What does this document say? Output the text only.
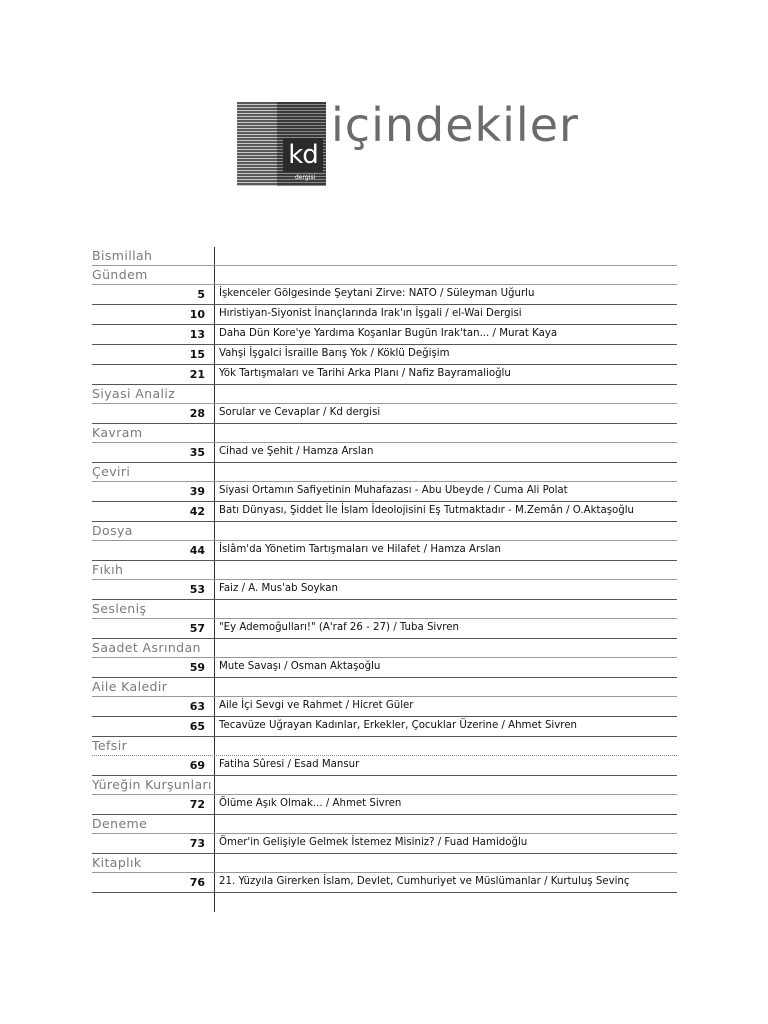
kd
dergisi
içindekiler
Bismillah
Gündem
5 İşkenceler Gölgesinde Şeytani Zirve: NATO / Süleyman Uğurlu
10 Hıristiyan-Siyonist İnançlarında Irak'ın İşgali / el-Wai Dergisi
13 Daha Dün Kore'ye Yardıma Koşanlar Bugün Irak'tan... / Murat Kaya
15 Vahşi İşgalci İsraille Barış Yok / Köklü Değişim
21 Yök Tartışmaları ve Tarihi Arka Planı / Nafiz Bayramalioğlu
Siyasi Analiz
28 Sorular ve Cevaplar / Kd dergisi
Kavram
35 Cihad ve Şehit / Hamza Arslan
Çeviri
39 Siyasi Ortamın Safiyetinin Muhafazası - Abu Ubeyde / Cuma Ali Polat
42 Batı Dünyası, Şiddet İle İslam İdeolojisini Eş Tutmaktadır - M.Zemân / O.Aktaşoğlu
Dosya
44 İslâm'da Yönetim Tartışmaları ve Hilafet / Hamza Arslan
Fıkıh
53 Faiz / A. Mus'ab Soykan
Sesleniş
57 "Ey Ademoğulları!" (A'raf 26 - 27) / Tuba Sivren
Saadet Asrından
59 Mute Savaşı / Osman Aktaşoğlu
Aile Kaledir
63 Aile İçi Sevgi ve Rahmet / Hicret Güler
65 Tecavüze Uğrayan Kadınlar, Erkekler, Çocuklar Üzerine / Ahmet Sivren
Tefsir
69 Fatiha Sûresi / Esad Mansur
Yüreğin Kurşunları
72 Ölüme Aşık Olmak... / Ahmet Sivren
Deneme
73 Ömer'in Gelişiyle Gelmek İstemez Misiniz? / Fuad Hamidoğlu
Kitaplık
76 21. Yüzyıla Girerken İslam, Devlet, Cumhuriyet ve Müslümanlar / Kurtuluş Sevinç
